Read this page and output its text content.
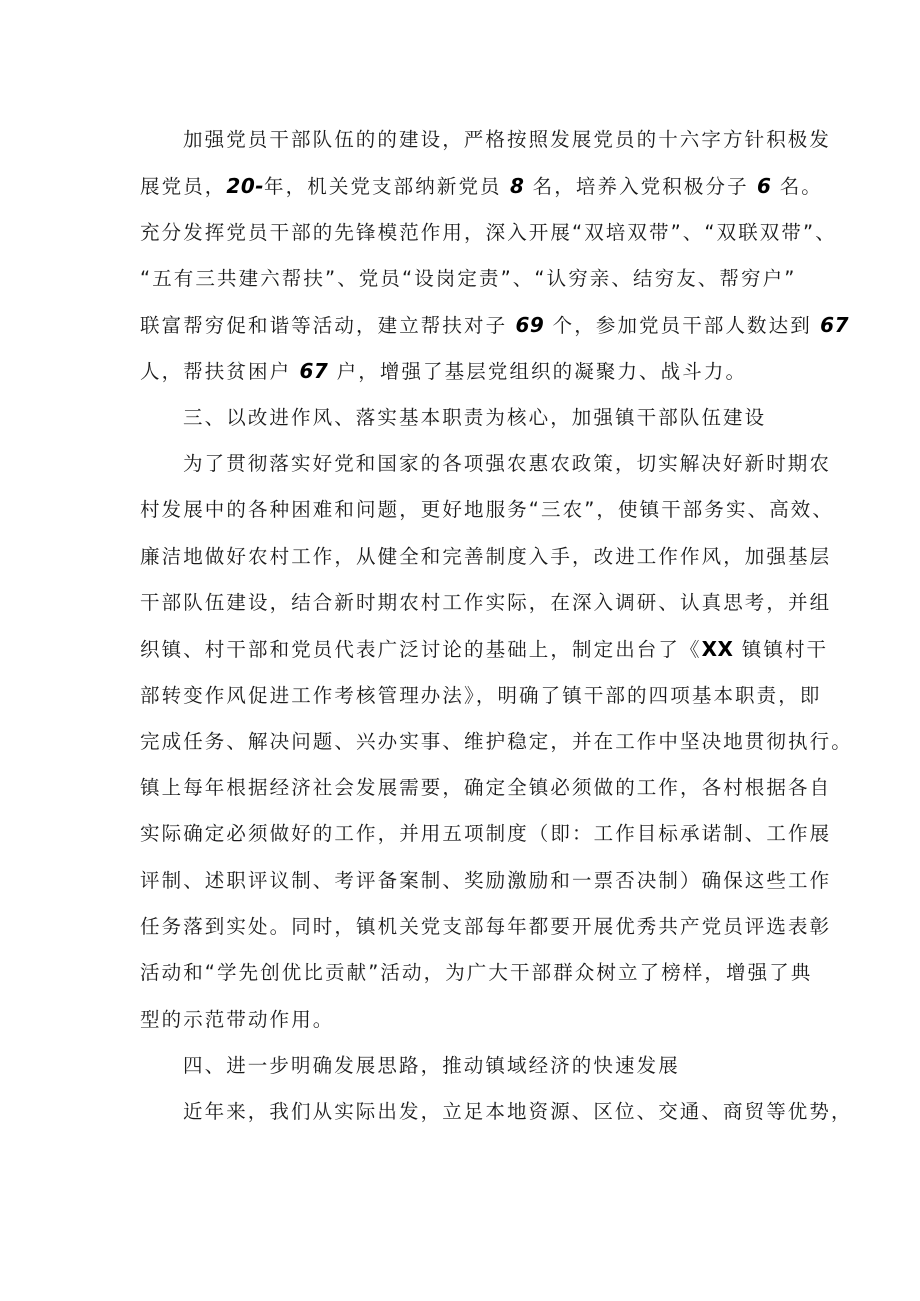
加强党员干部队伍的的建设，严格按照发展党员的十六字方针积极发
展党员，20-年，机关党支部纳新党员 8 名，培养入党积极分子 6 名。
充分发挥党员干部的先锋模范作用，深入开展“双培双带”、“双联双带”、
“五有三共建六帮扶”、党员“设岗定责”、“认穷亲、结穷友、帮穷户”
联富帮穷促和谐等活动，建立帮扶对子 69 个，参加党员干部人数达到 67
人，帮扶贫困户 67 户，增强了基层党组织的凝聚力、战斗力。
三、以改进作风、落实基本职责为核心，加强镇干部队伍建设
为了贯彻落实好党和国家的各项强农惠农政策，切实解决好新时期农
村发展中的各种困难和问题，更好地服务“三农”，使镇干部务实、高效、
廉洁地做好农村工作，从健全和完善制度入手，改进工作作风，加强基层
干部队伍建设，结合新时期农村工作实际，在深入调研、认真思考，并组
织镇、村干部和党员代表广泛讨论的基础上，制定出台了《XX 镇镇村干
部转变作风促进工作考核管理办法》，明确了镇干部的四项基本职责，即
完成任务、解决问题、兴办实事、维护稳定，并在工作中坚决地贯彻执行。
镇上每年根据经济社会发展需要，确定全镇必须做的工作，各村根据各自
实际确定必须做好的工作，并用五项制度（即：工作目标承诺制、工作展
评制、述职评议制、考评备案制、奖励激励和一票否决制）确保这些工作
任务落到实处。同时，镇机关党支部每年都要开展优秀共产党员评选表彰
活动和“学先创优比贡献”活动，为广大干部群众树立了榜样，增强了典
型的示范带动作用。
四、进一步明确发展思路，推动镇域经济的快速发展
近年来，我们从实际出发，立足本地资源、区位、交通、商贸等优势，
